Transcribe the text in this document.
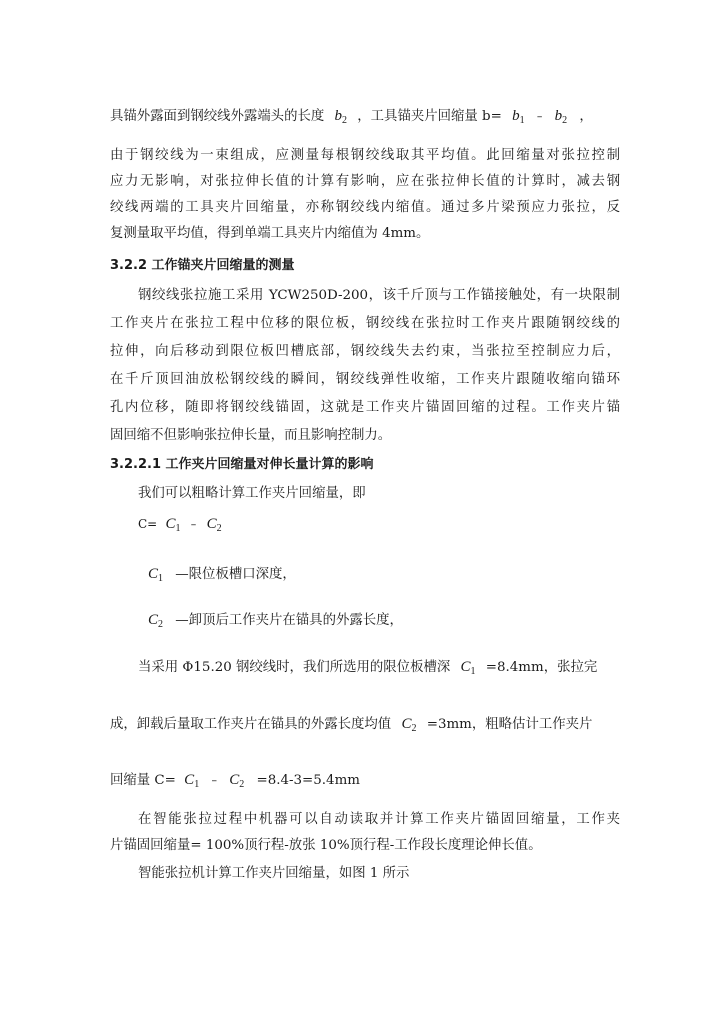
具锚外露面到钢绞线外露端头的长度 $b_2$ ，工具锚夹片回缩量 $b= b_1 - b_2$ ，
由于钢绞线为一束组成，应测量每根钢绞线取其平均值。此回缩量对张拉控制
应力无影响，对张拉伸长值的计算有影响，应在张拉伸长值的计算时，减去钢
绞线两端的工具夹片回缩量，亦称钢绞线内缩值。通过多片梁预应力张拉，反
复测量取平均值，得到单端工具夹片内缩值为 4mm。
3.2.2 工作锚夹片回缩量的测量
钢绞线张拉施工采用 YCW250D-200，该千斤顶与工作锚接触处，有一块限制
工作夹片在张拉工程中位移的限位板，钢绞线在张拉时工作夹片跟随钢绞线的
拉伸，向后移动到限位板凹槽底部，钢绞线失去约束，当张拉至控制应力后，
在千斤顶回油放松钢绞线的瞬间，钢绞线弹性收缩，工作夹片跟随收缩向锚环
孔内位移，随即将钢绞线锚固，这就是工作夹片锚固回缩的过程。工作夹片锚
固回缩不但影响张拉伸长量，而且影响控制力。
3.2.2.1 工作夹片回缩量对伸长量计算的影响
我们可以粗略计算工作夹片回缩量，即
$C= C_1 - C_2$
$C_1$ —限位板槽口深度，
$C_2$ —卸顶后工作夹片在锚具的外露长度，
当采用 Φ15.20 钢绞线时，我们所选用的限位板槽深 $C_1 =8.4mm$，张拉完
成，卸载后量取工作夹片在锚具的外露长度均值 $C_2 =3mm$，粗略估计工作夹片
回缩量 $C= C_1 - C_2 =8.4-3=5.4mm$
在智能张拉过程中机器可以自动读取并计算工作夹片锚固回缩量，工作夹
片锚固回缩量= 100%顶行程-放张 10%顶行程-工作段长度理论伸长值。
智能张拉机计算工作夹片回缩量，如图 1 所示
